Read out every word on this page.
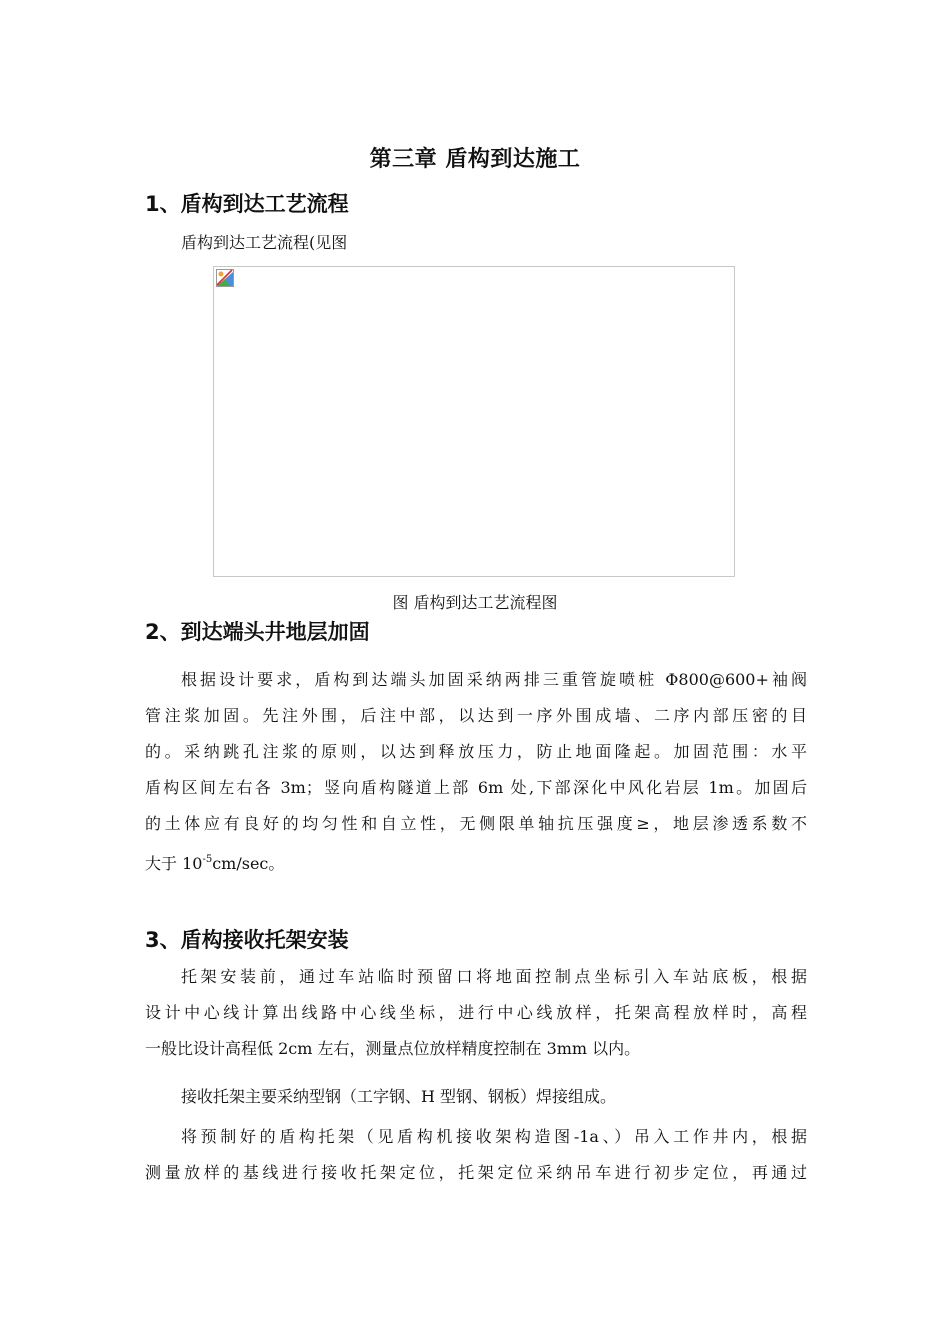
第三章 盾构到达施工
1、盾构到达工艺流程
盾构到达工艺流程(见图
图 盾构到达工艺流程图
2、到达端头井地层加固
根据设计要求，盾构到达端头加固采纳两排三重管旋喷桩 Φ800@600+袖阀
管注浆加固。先注外围，后注中部，以达到一序外围成墙、二序内部压密的目
的。采纳跳孔注浆的原则，以达到释放压力，防止地面隆起。加固范围：水平
盾构区间左右各 3m；竖向盾构隧道上部 6m 处,下部深化中风化岩层 1m。加固后
的土体应有良好的均匀性和自立性，无侧限单轴抗压强度≥，地层渗透系数不
大于 $10^{-5}cm/\sec$。
3、盾构接收托架安装
托架安装前，通过车站临时预留口将地面控制点坐标引入车站底板，根据
设计中心线计算出线路中心线坐标，进行中心线放样，托架高程放样时，高程
一般比设计高程低 2cm 左右，测量点位放样精度控制在 3mm 以内。
接收托架主要采纳型钢（工字钢、H 型钢、钢板）焊接组成。
将预制好的盾构托架（见盾构机接收架构造图-1a、）吊入工作井内，根据
测量放样的基线进行接收托架定位，托架定位采纳吊车进行初步定位，再通过
